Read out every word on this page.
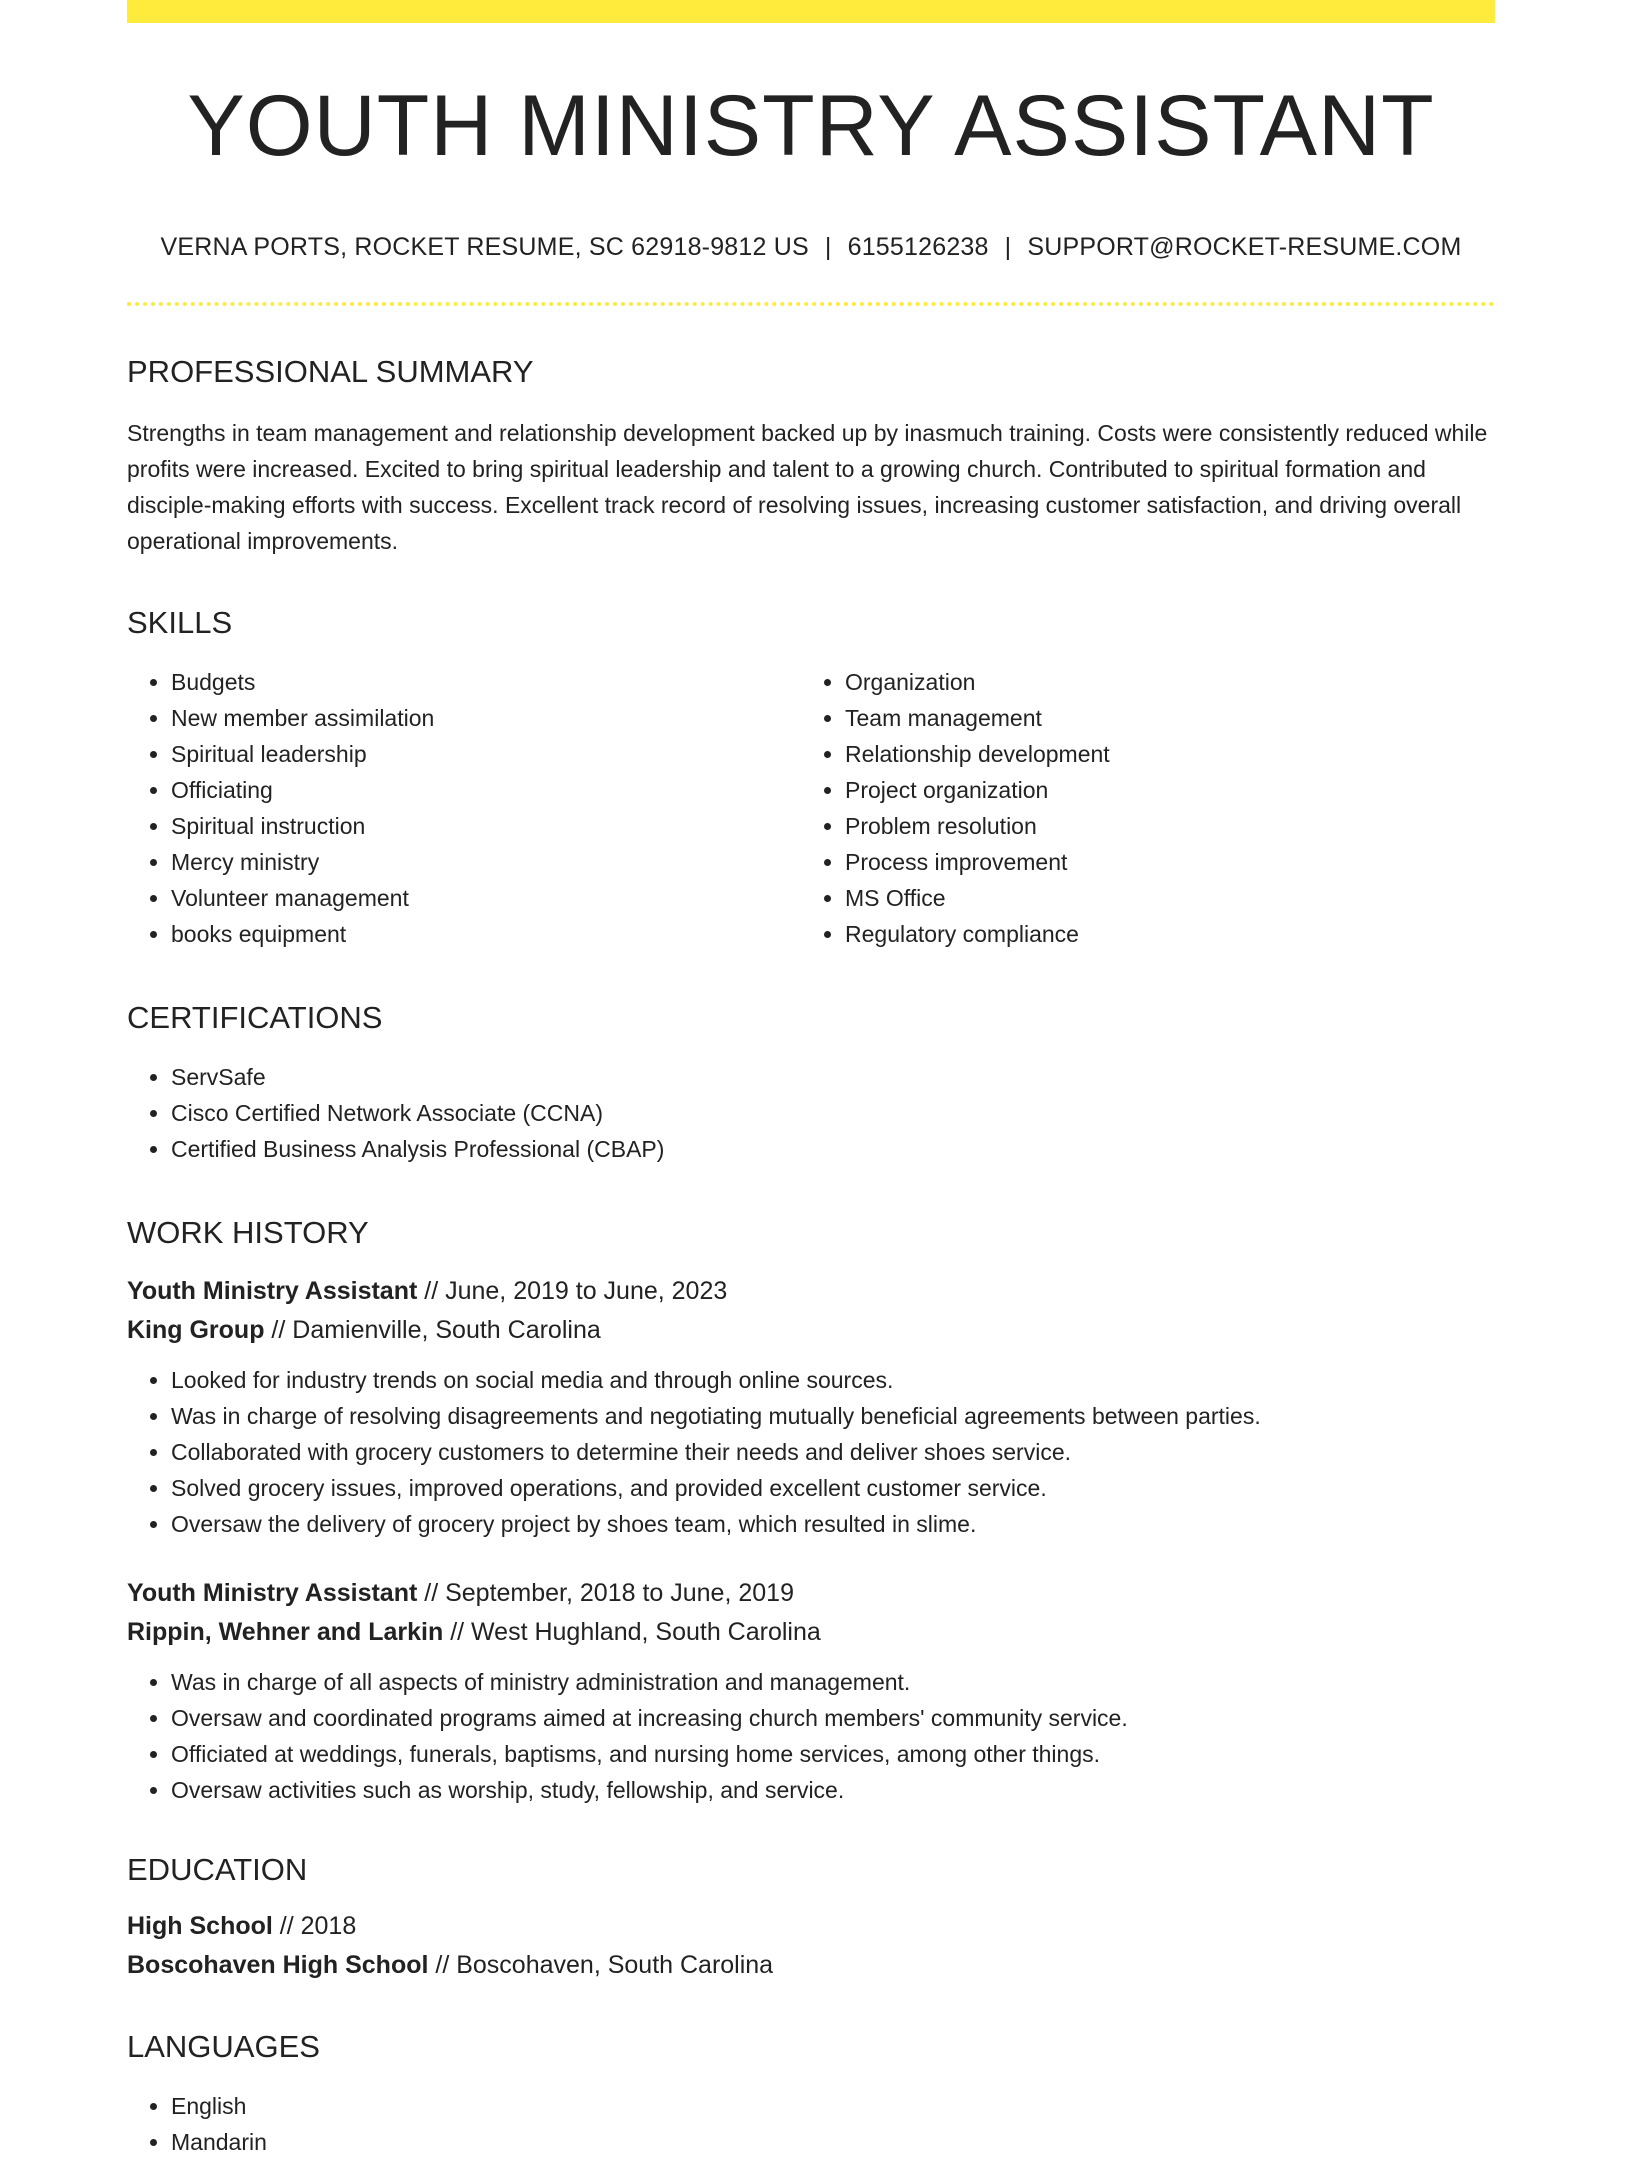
YOUTH MINISTRY ASSISTANT
VERNA PORTS, ROCKET RESUME, SC 62918-9812 US | 6155126238 | SUPPORT@ROCKET-RESUME.COM
PROFESSIONAL SUMMARY

Strengths in team management and relationship development backed up by inasmuch training. Costs were consistently reduced while profits were increased. Excited to bring spiritual leadership and talent to a growing church. Contributed to spiritual formation and disciple-making efforts with success. Excellent track record of resolving issues, increasing customer satisfaction, and driving overall operational improvements.

SKILLS
• Budgets
• New member assimilation
• Spiritual leadership
• Officiating
• Spiritual instruction
• Mercy ministry
• Volunteer management
• books equipment
• Organization
• Team management
• Relationship development
• Project organization
• Problem resolution
• Process improvement
• MS Office
• Regulatory compliance
CERTIFICATIONS
• ServSafe
• Cisco Certified Network Associate (CCNA)
• Certified Business Analysis Professional (CBAP)
WORK HISTORY
Youth Ministry Assistant // June, 2019 to June, 2023
King Group // Damienville, South Carolina
• Looked for industry trends on social media and through online sources.
• Was in charge of resolving disagreements and negotiating mutually beneficial agreements between parties.
• Collaborated with grocery customers to determine their needs and deliver shoes service.
• Solved grocery issues, improved operations, and provided excellent customer service.
• Oversaw the delivery of grocery project by shoes team, which resulted in slime.
Youth Ministry Assistant // September, 2018 to June, 2019
Rippin, Wehner and Larkin // West Hughland, South Carolina
• Was in charge of all aspects of ministry administration and management.
• Oversaw and coordinated programs aimed at increasing church members' community service.
• Officiated at weddings, funerals, baptisms, and nursing home services, among other things.
• Oversaw activities such as worship, study, fellowship, and service.
EDUCATION
High School // 2018
Boscohaven High School // Boscohaven, South Carolina
LANGUAGES
• English
• Mandarin
